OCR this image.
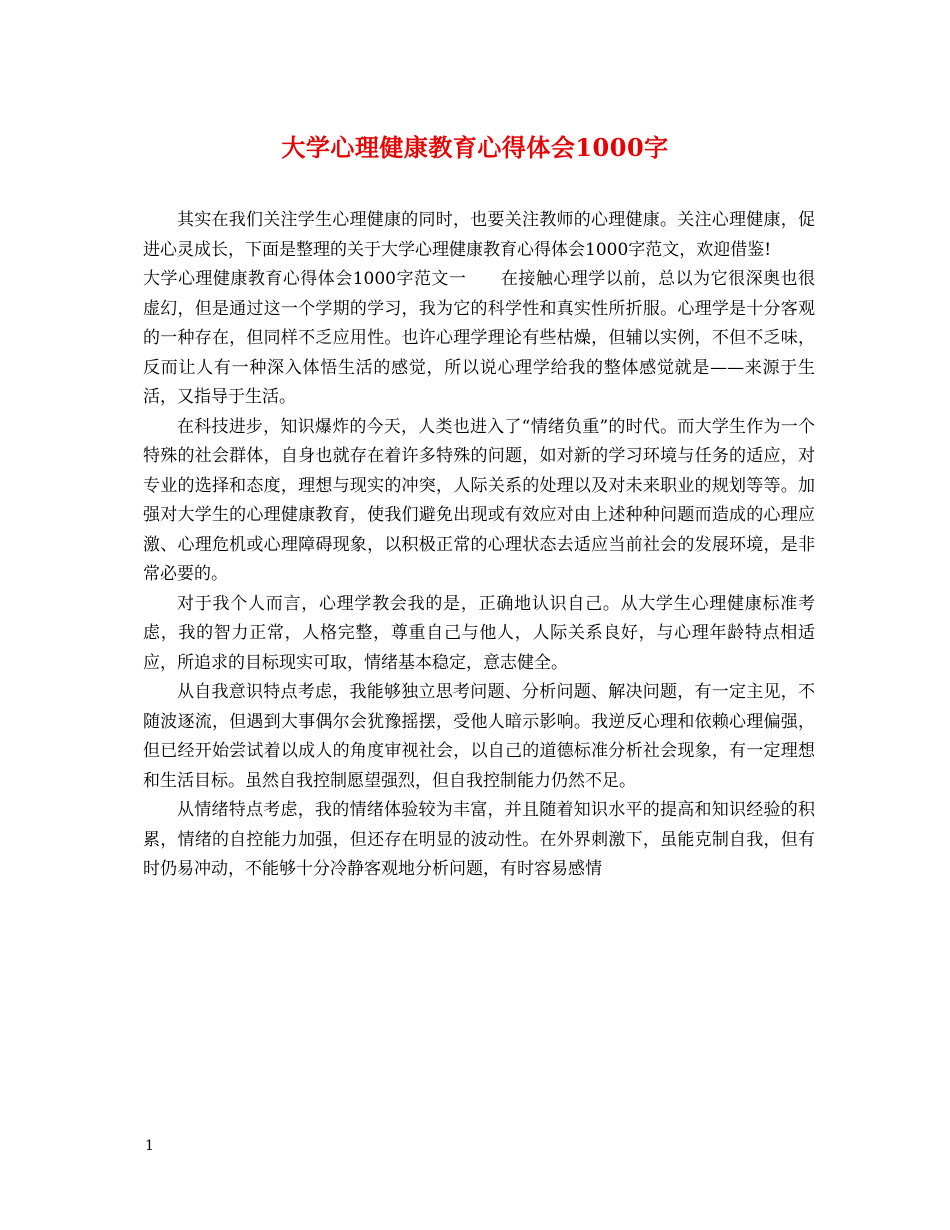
大学心理健康教育心得体会1000字

其实在我们关注学生心理健康的同时，也要关注教师的心理健康。关注心理健康，促进心灵成长，下面是整理的关于大学心理健康教育心得体会1000字范文，欢迎借鉴!

大学心理健康教育心得体会1000字范文一 在接触心理学以前，总以为它很深奥也很虚幻，但是通过这一个学期的学习，我为它的科学性和真实性所折服。心理学是十分客观的一种存在，但同样不乏应用性。也许心理学理论有些枯燥，但辅以实例，不但不乏味，反而让人有一种深入体悟生活的感觉，所以说心理学给我的整体感觉就是——来源于生活，又指导于生活。

在科技进步，知识爆炸的今天，人类也进入了“情绪负重”的时代。而大学生作为一个特殊的社会群体，自身也就存在着许多特殊的问题，如对新的学习环境与任务的适应，对专业的选择和态度，理想与现实的冲突，人际关系的处理以及对未来职业的规划等等。加强对大学生的心理健康教育，使我们避免出现或有效应对由上述种种问题而造成的心理应激、心理危机或心理障碍现象，以积极正常的心理状态去适应当前社会的发展环境，是非常必要的。

对于我个人而言，心理学教会我的是，正确地认识自己。从大学生心理健康标准考虑，我的智力正常，人格完整，尊重自己与他人，人际关系良好，与心理年龄特点相适应，所追求的目标现实可取，情绪基本稳定，意志健全。

从自我意识特点考虑，我能够独立思考问题、分析问题、解决问题，有一定主见，不随波逐流，但遇到大事偶尔会犹豫摇摆，受他人暗示影响。我逆反心理和依赖心理偏强，但已经开始尝试着以成人的角度审视社会，以自己的道德标准分析社会现象，有一定理想和生活目标。虽然自我控制愿望强烈，但自我控制能力仍然不足。

从情绪特点考虑，我的情绪体验较为丰富，并且随着知识水平的提高和知识经验的积累，情绪的自控能力加强，但还存在明显的波动性。在外界刺激下，虽能克制自我，但有时仍易冲动，不能够十分冷静客观地分析问题，有时容易感情

1
